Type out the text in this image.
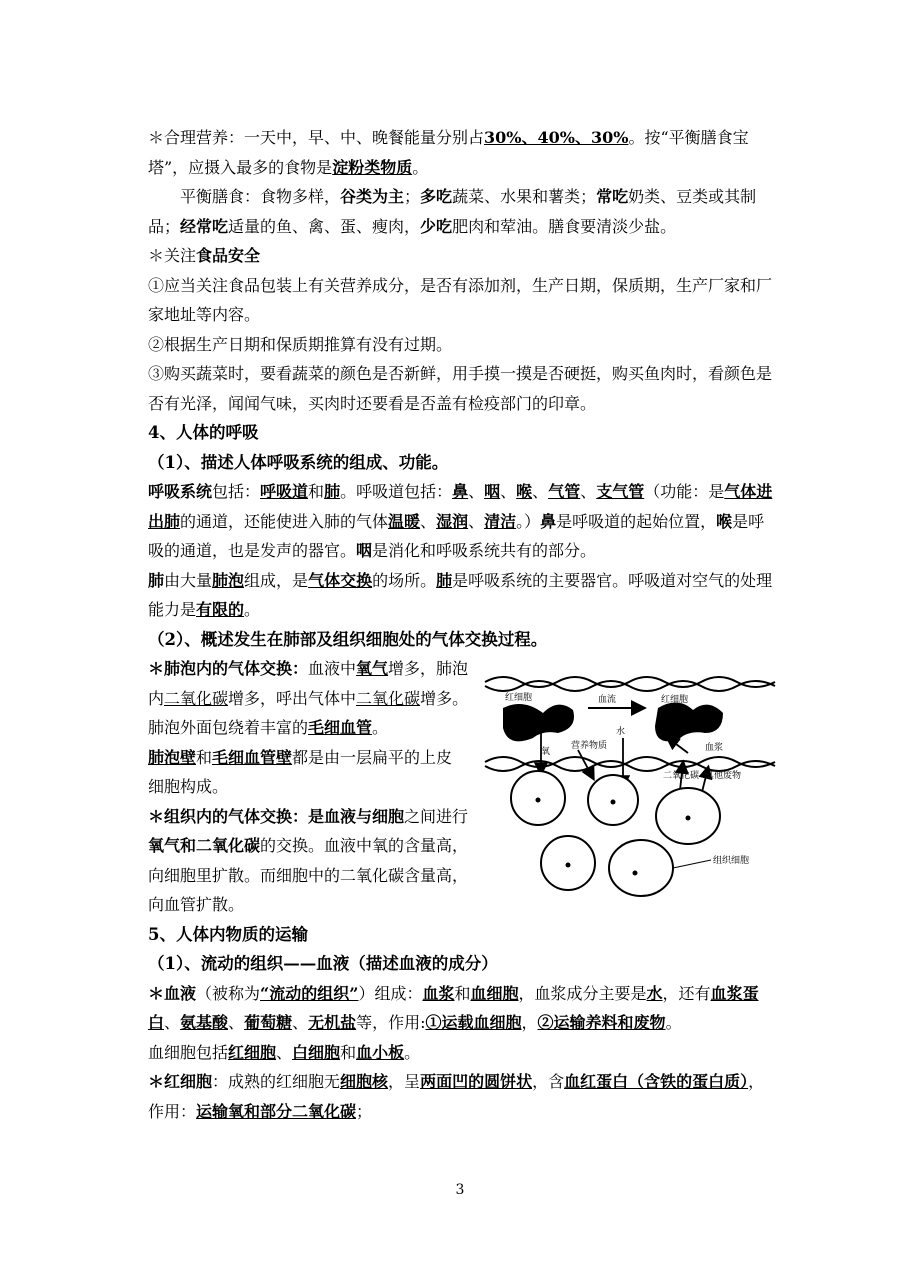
＊合理营养：一天中，早、中、晚餐能量分别占30%、40%、30%。按“平衡膳食宝塔”，应摄入最多的食物是淀粉类物质。

平衡膳食：食物多样，谷类为主；多吃蔬菜、水果和薯类；常吃奶类、豆类或其制品；经常吃适量的鱼、禽、蛋、瘦肉，少吃肥肉和荤油。膳食要清淡少盐。

＊关注食品安全

①应当关注食品包装上有关营养成分，是否有添加剂，生产日期，保质期，生产厂家和厂家地址等内容。

②根据生产日期和保质期推算有没有过期。

③购买蔬菜时，要看蔬菜的颜色是否新鲜，用手摸一摸是否硬挺，购买鱼肉时，看颜色是否有光泽，闻闻气味，买肉时还要看是否盖有检疫部门的印章。

4、人体的呼吸

（1）、描述人体呼吸系统的组成、功能。

呼吸系统包括：呼吸道和肺。呼吸道包括：鼻、咽、喉、气管、支气管（功能：是气体进出肺的通道，还能使进入肺的气体温暖、湿润、清洁。）鼻是呼吸道的起始位置，喉是呼吸的通道，也是发声的器官。咽是消化和呼吸系统共有的部分。

肺由大量肺泡组成，是气体交换的场所。肺是呼吸系统的主要器官。呼吸道对空气的处理能力是有限的。

（2）、概述发生在肺部及组织细胞处的气体交换过程。

＊肺泡内的气体交换：血液中氧气增多，肺泡内二氧化碳增多，呼出气体中二氧化碳增多。肺泡外面包绕着丰富的毛细血管。

肺泡壁和毛细血管壁都是由一层扁平的上皮
细胞构成。

＊组织内的气体交换：是血液与细胞之间进行氧气和二氧化碳的交换。血液中氧的含量高，向细胞里扩散。而细胞中的二氧化碳含量高，向血管扩散。

5、人体内物质的运输

（1）、流动的组织——血液（描述血液的成分）

＊血液（被称为“流动的组织”）组成：血浆和血细胞，血浆成分主要是水，还有血浆蛋白、氨基酸、葡萄糖、无机盐等，作用:①运载血细胞，②运输养料和废物。

血细胞包括红细胞、白细胞和血小板。

＊红细胞：成熟的红细胞无细胞核，呈两面凹的圆饼状，含血红蛋白（含铁的蛋白质），作用：运输氧和部分二氧化碳；

红细胞	血流	红细胞
氧
营养物质
水
血浆
二氧化碳 其他废物
组织细胞
3
